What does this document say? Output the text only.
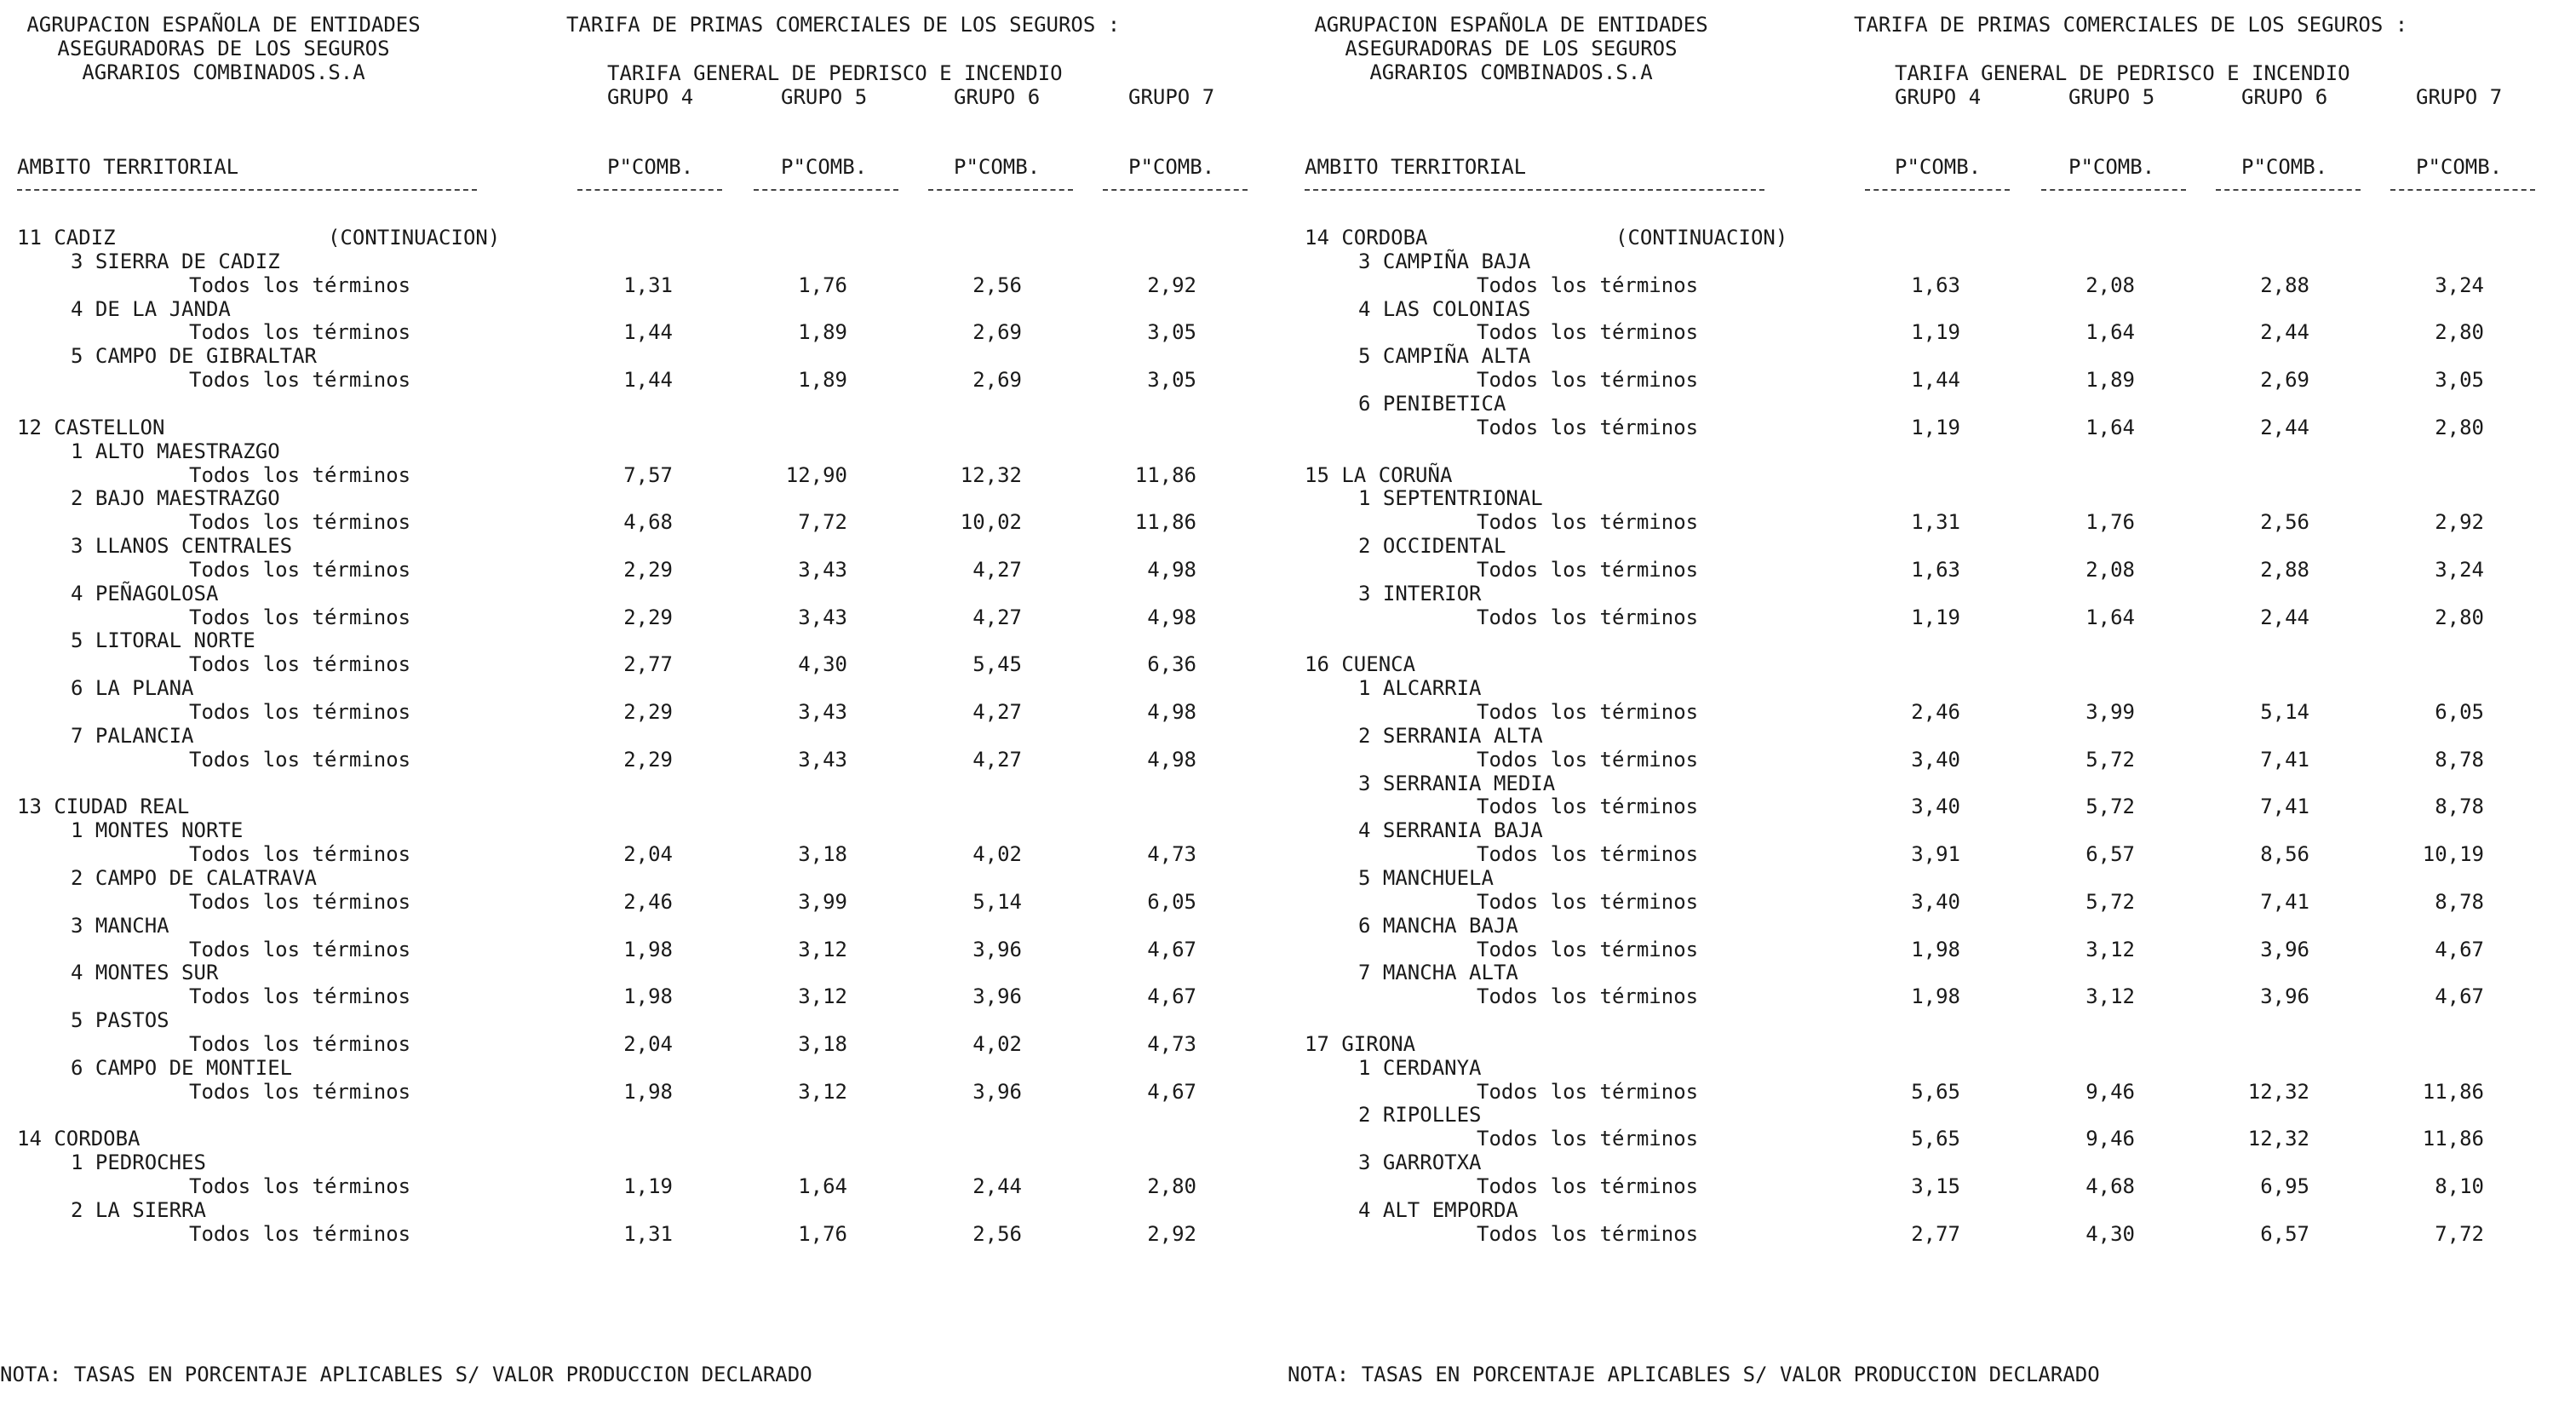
AGRUPACION ESPAÑOLA DE ENTIDADES
ASEGURADORAS DE LOS SEGUROS
AGRARIOS COMBINADOS.S.A
TARIFA DE PRIMAS COMERCIALES DE LOS SEGUROS :
TARIFA GENERAL DE PEDRISCO E INCENDIO
GRUPO 4	GRUPO 5	GRUPO 6	GRUPO 7
AMBITO TERRITORIAL	P"COMB.	P"COMB.	P"COMB.	P"COMB.
11 CADIZ	(CONTINUACION)
3 SIERRA DE CADIZ
Todos los términos	1,31	1,76	2,56	2,92
4 DE LA JANDA
Todos los términos	1,44	1,89	2,69	3,05
5 CAMPO DE GIBRALTAR
Todos los términos	1,44	1,89	2,69	3,05
12 CASTELLON
1 ALTO MAESTRAZGO
Todos los términos	7,57	12,90	12,32	11,86
2 BAJO MAESTRAZGO
Todos los términos	4,68	7,72	10,02	11,86
3 LLANOS CENTRALES
Todos los términos	2,29	3,43	4,27	4,98
4 PEÑAGOLOSA
Todos los términos	2,29	3,43	4,27	4,98
5 LITORAL NORTE
Todos los términos	2,77	4,30	5,45	6,36
6 LA PLANA
Todos los términos	2,29	3,43	4,27	4,98
7 PALANCIA
Todos los términos	2,29	3,43	4,27	4,98
13 CIUDAD REAL
1 MONTES NORTE
Todos los términos	2,04	3,18	4,02	4,73
2 CAMPO DE CALATRAVA
Todos los términos	2,46	3,99	5,14	6,05
3 MANCHA
Todos los términos	1,98	3,12	3,96	4,67
4 MONTES SUR
Todos los términos	1,98	3,12	3,96	4,67
5 PASTOS
Todos los términos	2,04	3,18	4,02	4,73
6 CAMPO DE MONTIEL
Todos los términos	1,98	3,12	3,96	4,67
14 CORDOBA
1 PEDROCHES
Todos los términos	1,19	1,64	2,44	2,80
2 LA SIERRA
Todos los términos	1,31	1,76	2,56	2,92
NOTA: TASAS EN PORCENTAJE APLICABLES S/ VALOR PRODUCCION DECLARADO
AGRUPACION ESPAÑOLA DE ENTIDADES
ASEGURADORAS DE LOS SEGUROS
AGRARIOS COMBINADOS.S.A
TARIFA DE PRIMAS COMERCIALES DE LOS SEGUROS :
TARIFA GENERAL DE PEDRISCO E INCENDIO
GRUPO 4	GRUPO 5	GRUPO 6	GRUPO 7
AMBITO TERRITORIAL	P"COMB.	P"COMB.	P"COMB.	P"COMB.
14 CORDOBA	(CONTINUACION)
3 CAMPIÑA BAJA
Todos los términos	1,63	2,08	2,88	3,24
4 LAS COLONIAS
Todos los términos	1,19	1,64	2,44	2,80
5 CAMPIÑA ALTA
Todos los términos	1,44	1,89	2,69	3,05
6 PENIBETICA
Todos los términos	1,19	1,64	2,44	2,80
15 LA CORUÑA
1 SEPTENTRIONAL
Todos los términos	1,31	1,76	2,56	2,92
2 OCCIDENTAL
Todos los términos	1,63	2,08	2,88	3,24
3 INTERIOR
Todos los términos	1,19	1,64	2,44	2,80
16 CUENCA
1 ALCARRIA
Todos los términos	2,46	3,99	5,14	6,05
2 SERRANIA ALTA
Todos los términos	3,40	5,72	7,41	8,78
3 SERRANIA MEDIA
Todos los términos	3,40	5,72	7,41	8,78
4 SERRANIA BAJA
Todos los términos	3,91	6,57	8,56	10,19
5 MANCHUELA
Todos los términos	3,40	5,72	7,41	8,78
6 MANCHA BAJA
Todos los términos	1,98	3,12	3,96	4,67
7 MANCHA ALTA
Todos los términos	1,98	3,12	3,96	4,67
17 GIRONA
1 CERDANYA
Todos los términos	5,65	9,46	12,32	11,86
2 RIPOLLES
Todos los términos	5,65	9,46	12,32	11,86
3 GARROTXA
Todos los términos	3,15	4,68	6,95	8,10
4 ALT EMPORDA
Todos los términos	2,77	4,30	6,57	7,72
NOTA: TASAS EN PORCENTAJE APLICABLES S/ VALOR PRODUCCION DECLARADO
